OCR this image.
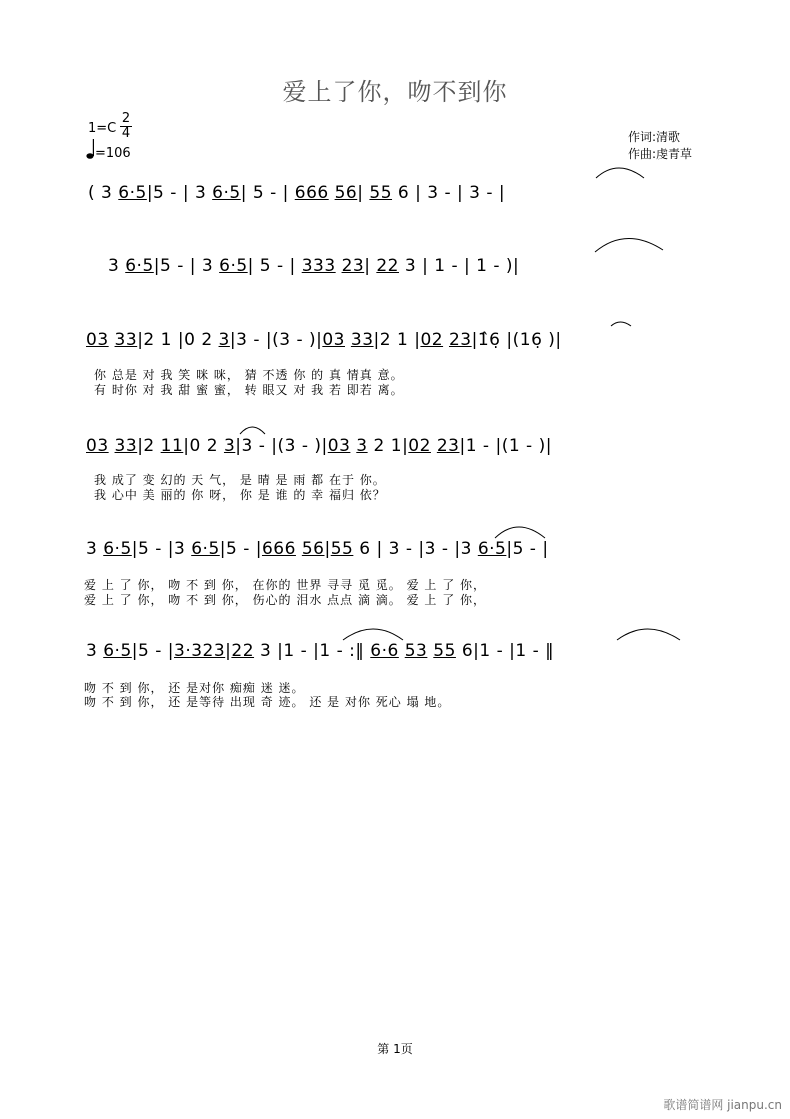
爱上了你，吻不到你
1=C
2
4
=106
作词:清歌
作曲:虔青草
( 3 6·5|5 - | 3 6·5| 5 - | 666 56| 55 6 | 3 - | 3 - |
3 6·5|5 - | 3 6·5| 5 - | 333 23| 22 3 | 1 - | 1 - )|
03 33|2 1 |0 2 3|3 - |(3 - )|03 33|2 1 |02 23|1̂6̣ |(16̣ )|
你 总是 对 我 笑 咪 咪， 猜 不透 你 的 真 情真 意。
有 时你 对 我 甜 蜜 蜜， 转 眼又 对 我 若 即若 离。
03 33|2 11|0 2 3|3 - |(3 - )|03 3 2 1|02 23|1 - |(1 - )|
我 成了 变 幻的 天 气， 是 晴 是 雨 都 在于 你。
我 心中 美 丽的 你 呀， 你 是 谁 的 幸 福归 依？
3 6·5|5 - |3 6·5|5 - |666 56|55 6 | 3 - |3 - |3 6·5|5 - |
爱 上 了 你， 吻 不 到 你， 在你的 世界 寻寻 觅 觅。 爱 上 了 你，
爱 上 了 你， 吻 不 到 你， 伤心的 泪水 点点 滴 滴。 爱 上 了 你，
3 6·5|5 - |3·323|22 3 |1 - |1 - :‖ 6·6 53 55 6|1 - |1 - ‖
吻 不 到 你， 还 是对你 痴痴 迷 迷。
吻 不 到 你， 还 是等待 出现 奇 迹。 还 是 对你 死心 塌 地。
第 1页
歌谱简谱网 jianpu.cn
